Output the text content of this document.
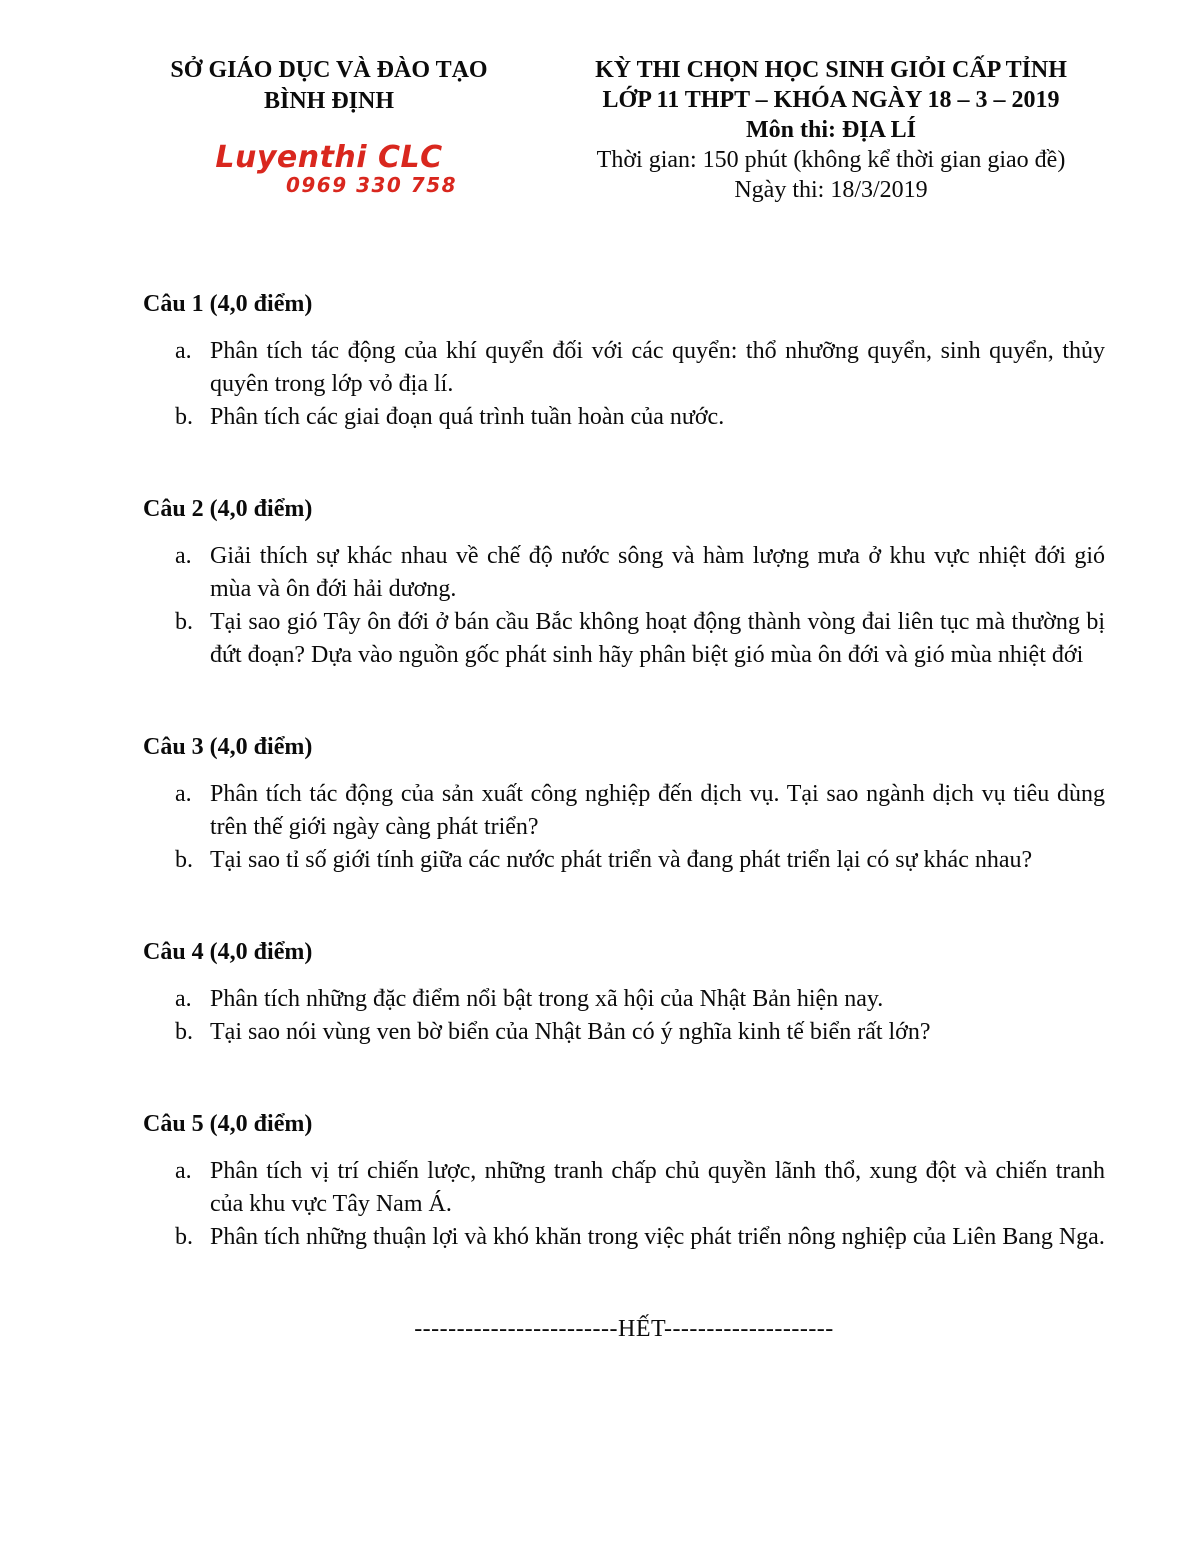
SỞ GIÁO DỤC VÀ ĐÀO TẠO
BÌNH ĐỊNH
Luyenthi CLC
0969 330 758
KỲ THI CHỌN HỌC SINH GIỎI CẤP TỈNH
LỚP 11 THPT – KHÓA NGÀY 18 – 3 – 2019
Môn thi: ĐỊA LÍ
Thời gian: 150 phút (không kể thời gian giao đề)
Ngày thi: 18/3/2019
Câu 1 (4,0 điểm)
a. Phân tích tác động của khí quyển đối với các quyển: thổ nhưỡng quyển, sinh quyển, thủy quyên trong lớp vỏ địa lí.

b. Phân tích các giai đoạn quá trình tuần hoàn của nước.

Câu 2 (4,0 điểm)
a. Giải thích sự khác nhau về chế độ nước sông và hàm lượng mưa ở khu vực nhiệt đới gió mùa và ôn đới hải dương.

b. Tại sao gió Tây ôn đới ở bán cầu Bắc không hoạt động thành vòng đai liên tục mà thường bị đứt đoạn? Dựa vào nguồn gốc phát sinh hãy phân biệt gió mùa ôn đới và gió mùa nhiệt đới

Câu 3 (4,0 điểm)
a. Phân tích tác động của sản xuất công nghiệp đến dịch vụ. Tại sao ngành dịch vụ tiêu dùng trên thế giới ngày càng phát triển?

b. Tại sao tỉ số giới tính giữa các nước phát triển và đang phát triển lại có sự khác nhau?

Câu 4 (4,0 điểm)
a. Phân tích những đặc điểm nổi bật trong xã hội của Nhật Bản hiện nay.

b. Tại sao nói vùng ven bờ biển của Nhật Bản có ý nghĩa kinh tế biển rất lớn?

Câu 5 (4,0 điểm)
a. Phân tích vị trí chiến lược, những tranh chấp chủ quyền lãnh thổ, xung đột và chiến tranh của khu vực Tây Nam Á.

b. Phân tích những thuận lợi và khó khăn trong việc phát triển nông nghiệp của Liên Bang Nga.

------------------------HẾT--------------------
